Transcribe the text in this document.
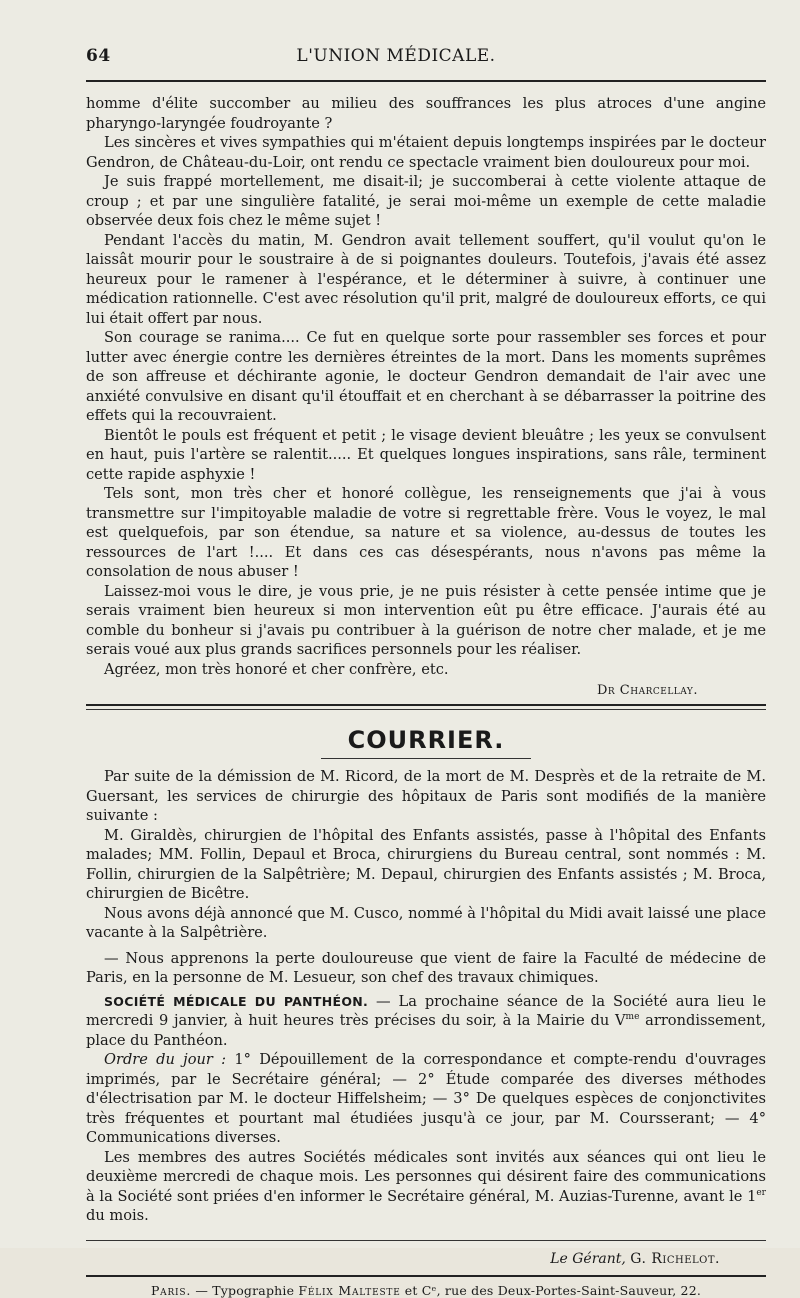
64	L'UNION MÉDICALE.

homme d'élite succomber au milieu des souffrances les plus atroces d'une angine pharyngo-laryngée foudroyante ?

Les sincères et vives sympathies qui m'étaient depuis longtemps inspirées par le docteur Gendron, de Château-du-Loir, ont rendu ce spectacle vraiment bien douloureux pour moi.

Je suis frappé mortellement, me disait-il; je succomberai à cette violente attaque de croup ; et par une singulière fatalité, je serai moi-même un exemple de cette maladie observée deux fois chez le même sujet !

Pendant l'accès du matin, M. Gendron avait tellement souffert, qu'il voulut qu'on le laissât mourir pour le soustraire à de si poignantes douleurs. Toutefois, j'avais été assez heureux pour le ramener à l'espérance, et le déterminer à suivre, à continuer une médication rationnelle. C'est avec résolution qu'il prit, malgré de douloureux efforts, ce qui lui était offert par nous.

Son courage se ranima.... Ce fut en quelque sorte pour rassembler ses forces et pour lutter avec énergie contre les dernières étreintes de la mort. Dans les moments suprêmes de son affreuse et déchirante agonie, le docteur Gendron demandait de l'air avec une anxiété convulsive en disant qu'il étouffait et en cherchant à se débarrasser la poitrine des effets qui la recouvraient.

Bientôt le pouls est fréquent et petit ; le visage devient bleuâtre ; les yeux se convulsent en haut, puis l'artère se ralentit..... Et quelques longues inspirations, sans râle, terminent cette rapide asphyxie !

Tels sont, mon très cher et honoré collègue, les renseignements que j'ai à vous transmettre sur l'impitoyable maladie de votre si regrettable frère. Vous le voyez, le mal est quelquefois, par son étendue, sa nature et sa violence, au-dessus de toutes les ressources de l'art !.... Et dans ces cas désespérants, nous n'avons pas même la consolation de nous abuser !

Laissez-moi vous le dire, je vous prie, je ne puis résister à cette pensée intime que je serais vraiment bien heureux si mon intervention eût pu être efficace. J'aurais été au comble du bonheur si j'avais pu contribuer à la guérison de notre cher malade, et je me serais voué aux plus grands sacrifices personnels pour les réaliser.

Agréez, mon très honoré et cher confrère, etc.

Dr Charcellay.
COURRIER.

Par suite de la démission de M. Ricord, de la mort de M. Desprès et de la retraite de M. Guersant, les services de chirurgie des hôpitaux de Paris sont modifiés de la manière suivante :

M. Giraldès, chirurgien de l'hôpital des Enfants assistés, passe à l'hôpital des Enfants malades; MM. Follin, Depaul et Broca, chirurgiens du Bureau central, sont nommés : M. Follin, chirurgien de la Salpêtrière; M. Depaul, chirurgien des Enfants assistés ; M. Broca, chirurgien de Bicêtre.

Nous avons déjà annoncé que M. Cusco, nommé à l'hôpital du Midi avait laissé une place vacante à la Salpêtrière.

— Nous apprenons la perte douloureuse que vient de faire la Faculté de médecine de Paris, en la personne de M. Lesueur, son chef des travaux chimiques.

SOCIÉTÉ MÉDICALE DU PANTHÉON. — La prochaine séance de la Société aura lieu le mercredi 9 janvier, à huit heures très précises du soir, à la Mairie du $V^{me}$ arrondissement, place du Panthéon.

Ordre du jour : 1° Dépouillement de la correspondance et compte-rendu d'ouvrages imprimés, par le Secrétaire général; — 2° Étude comparée des diverses méthodes d'électrisation par M. le docteur Hiffelsheim; — 3° De quelques espèces de conjonctivites très fréquentes et pourtant mal étudiées jusqu'à ce jour, par M. Coursserant; — 4° Communications diverses.

Les membres des autres Sociétés médicales sont invités aux séances qui ont lieu le deuxième mercredi de chaque mois. Les personnes qui désirent faire des communications à la Société sont priées d'en informer le Secrétaire général, M. Auzias-Turenne, avant le 1er du mois.

Le Gérant, G. Richelot.
Paris. — Typographie Félix Malteste et Cᵉ, rue des Deux-Portes-Saint-Sauveur, 22.
